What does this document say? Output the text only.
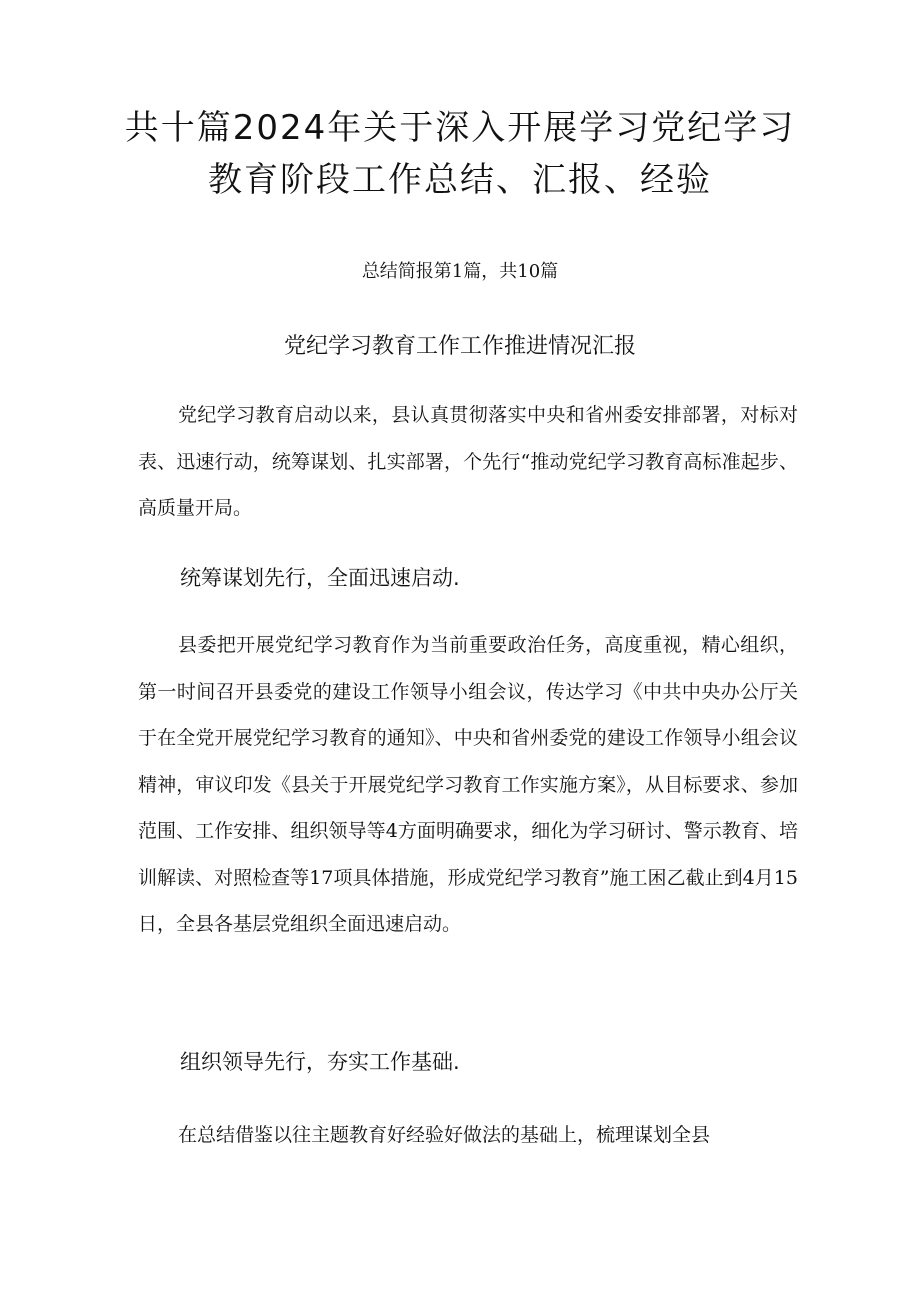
共十篇2024年关于深入开展学习党纪学习
教育阶段工作总结、汇报、经验
总结简报第1篇，共10篇
党纪学习教育工作工作推进情况汇报

党纪学习教育启动以来，县认真贯彻落实中央和省州委安排部署，对标对表、迅速行动，统筹谋划、扎实部署，个先行“推动党纪学习教育高标准起步、高质量开局。

统筹谋划先行，全面迅速启动.

县委把开展党纪学习教育作为当前重要政治任务，高度重视，精心组织，第一时间召开县委党的建设工作领导小组会议，传达学习《中共中央办公厅关于在全党开展党纪学习教育的通知》、中央和省州委党的建设工作领导小组会议精神，审议印发《县关于开展党纪学习教育工作实施方案》，从目标要求、参加范围、工作安排、组织领导等4方面明确要求，细化为学习研讨、警示教育、培训解读、对照检查等17项具体措施，形成党纪学习教育”施工困乙截止到4月15日，全县各基层党组织全面迅速启动。

组织领导先行，夯实工作基础.

在总结借鉴以往主题教育好经验好做法的基础上，梳理谋划全县
